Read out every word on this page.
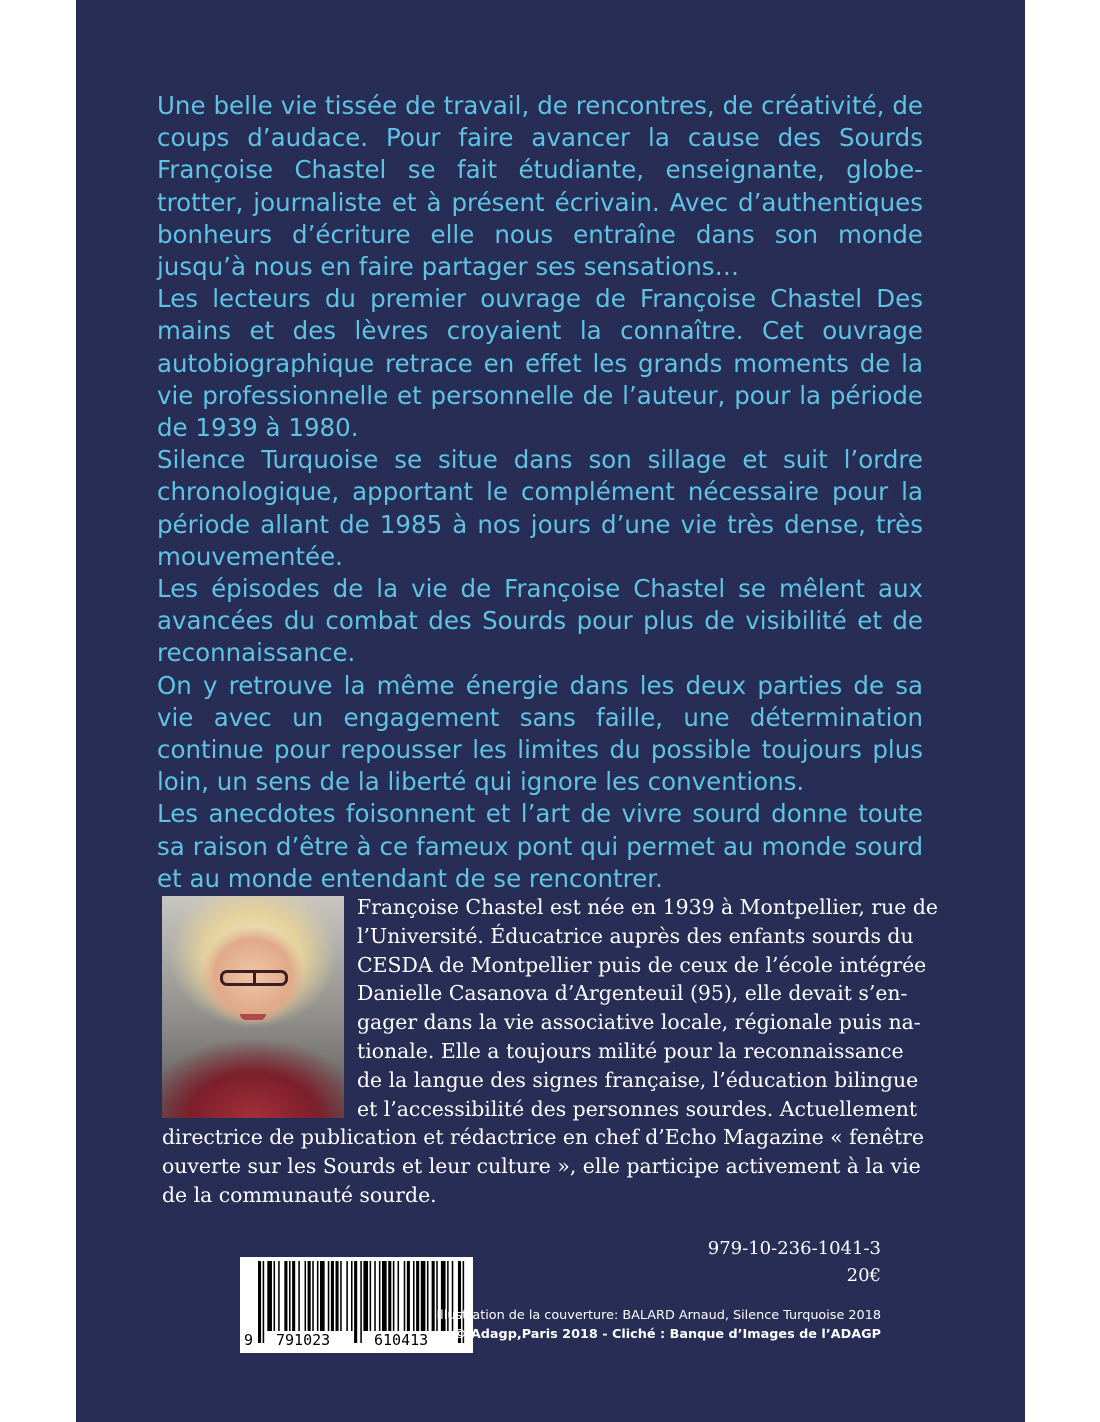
Une belle vie tissée de travail, de rencontres, de créativité, de coups d’audace. Pour faire avancer la cause des Sourds Françoise Chastel se fait étudiante, enseignante, globe-trotter, journaliste et à présent écrivain. Avec d’authentiques bonheurs d’écriture elle nous entraîne dans son monde jusqu’à nous en faire partager ses sensations…

Les lecteurs du premier ouvrage de Françoise Chastel Des mains et des lèvres croyaient la connaître. Cet ouvrage autobiographique retrace en effet les grands moments de la vie professionnelle et personnelle de l’auteur, pour la période de 1939 à 1980.

Silence Turquoise se situe dans son sillage et suit l’ordre chronologique, apportant le complément nécessaire pour la période allant de 1985 à nos jours d’une vie très dense, très mouvementée.

Les épisodes de la vie de Françoise Chastel se mêlent aux avancées du combat des Sourds pour plus de visibilité et de reconnaissance.

On y retrouve la même énergie dans les deux parties de sa vie avec un engagement sans faille, une détermination continue pour repousser les limites du possible toujours plus loin, un sens de la liberté qui ignore les conventions.

Les anecdotes foisonnent et l’art de vivre sourd donne toute sa raison d’être à ce fameux pont qui permet au monde sourd et au monde entendant de se rencontrer.

Françoise Chastel est née en 1939 à Montpellier, rue de
l’Université. Éducatrice auprès des enfants sourds du
CESDA de Montpellier puis de ceux de l’école intégrée
Danielle Casanova d’Argenteuil (95), elle devait s’en-
gager dans la vie associative locale, régionale puis na-
tionale. Elle a toujours milité pour la reconnaissance
de la langue des signes française, l’éducation bilingue
et l’accessibilité des personnes sourdes. Actuellement
directrice de publication et rédactrice en chef d’Echo Magazine « fenêtre
ouverte sur les Sourds et leur culture », elle participe activement à la vie
de la communauté sourde.
979-10-236-1041-3
20€
9 791023	610413
Illustration de la couverture: BALARD Arnaud, Silence Turquoise 2018
© Adagp,Paris 2018 - Cliché : Banque d’Images de l’ADAGP
